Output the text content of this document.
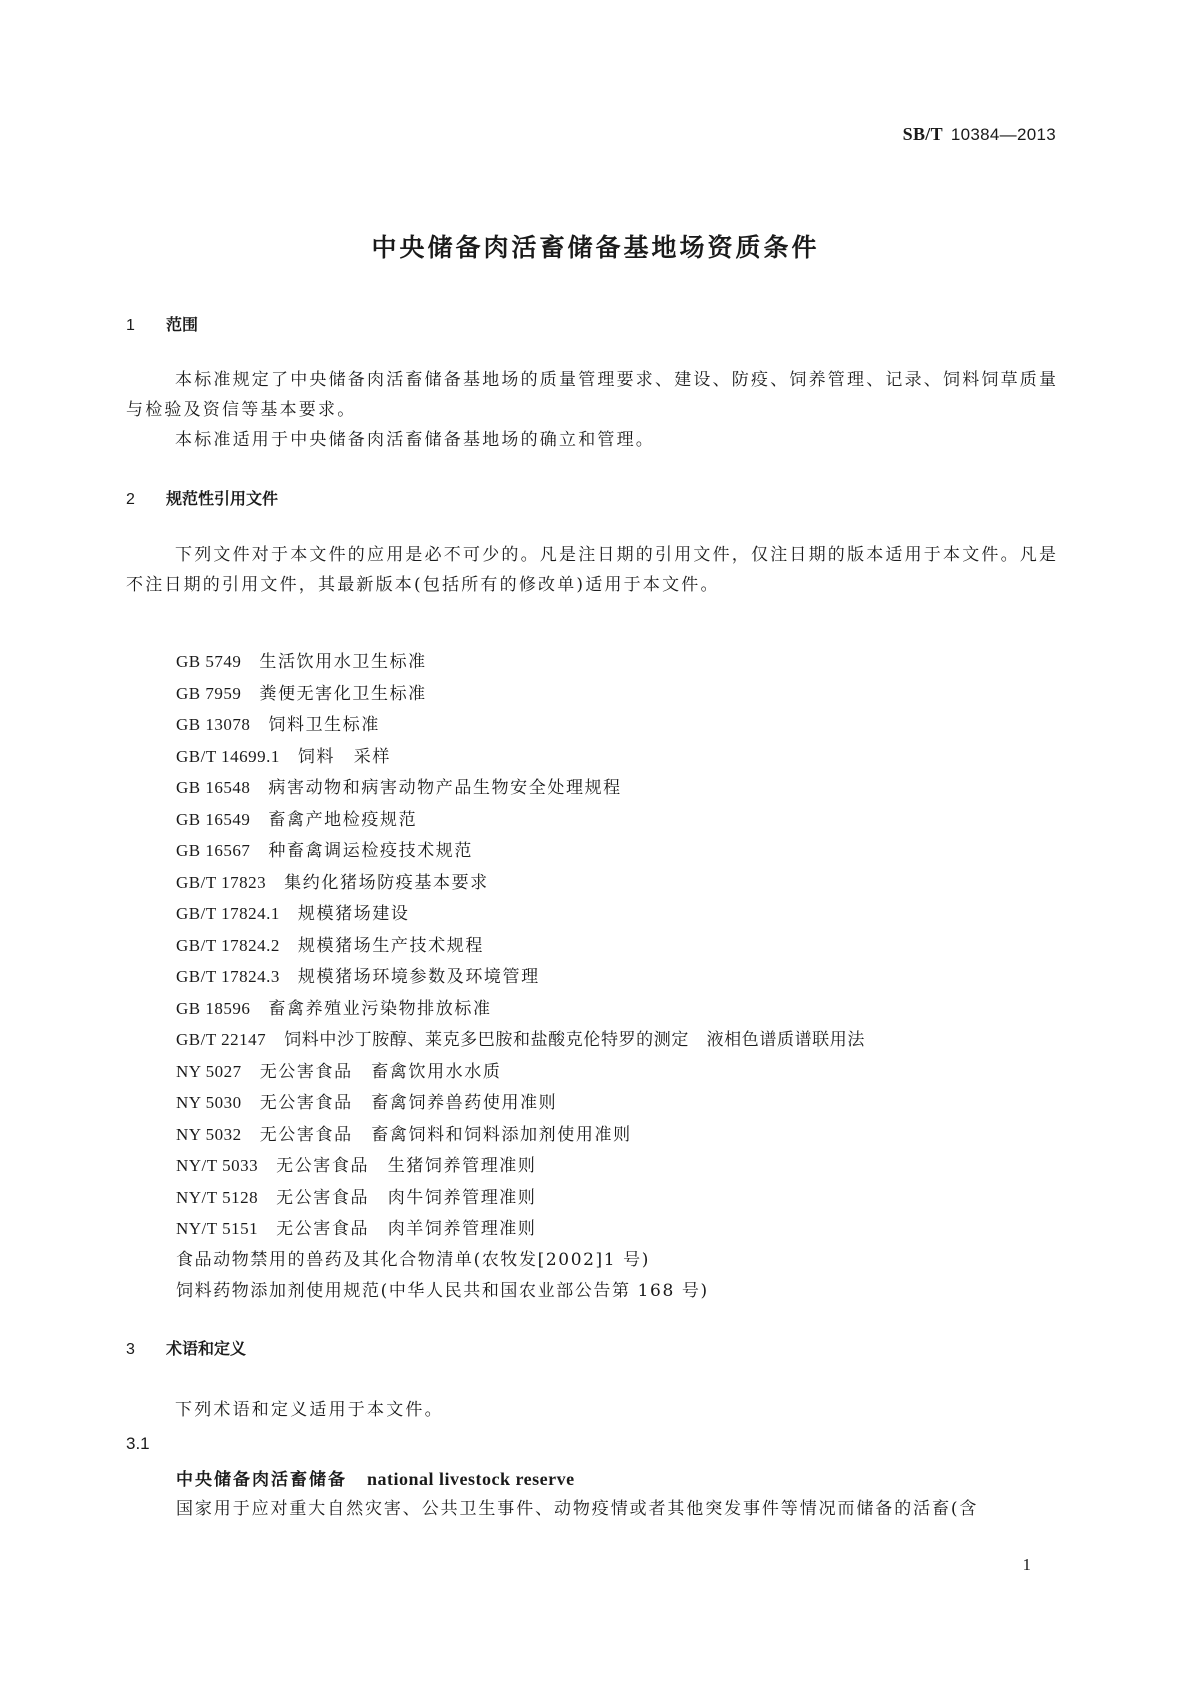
SB/T 10384—2013
中央储备肉活畜储备基地场资质条件
1 范围
本标准规定了中央储备肉活畜储备基地场的质量管理要求、建设、防疫、饲养管理、记录、饲料饲草质量与检验及资信等基本要求。
本标准适用于中央储备肉活畜储备基地场的确立和管理。
2 规范性引用文件
下列文件对于本文件的应用是必不可少的。凡是注日期的引用文件，仅注日期的版本适用于本文件。凡是不注日期的引用文件，其最新版本(包括所有的修改单)适用于本文件。
GB 5749 生活饮用水卫生标准
GB 7959 粪便无害化卫生标准
GB 13078 饲料卫生标准
GB/T 14699.1 饲料　采样
GB 16548 病害动物和病害动物产品生物安全处理规程
GB 16549 畜禽产地检疫规范
GB 16567 种畜禽调运检疫技术规范
GB/T 17823 集约化猪场防疫基本要求
GB/T 17824.1 规模猪场建设
GB/T 17824.2 规模猪场生产技术规程
GB/T 17824.3 规模猪场环境参数及环境管理
GB 18596 畜禽养殖业污染物排放标准
GB/T 22147 饲料中沙丁胺醇、莱克多巴胺和盐酸克伦特罗的测定　液相色谱质谱联用法
NY 5027 无公害食品　畜禽饮用水水质
NY 5030 无公害食品　畜禽饲养兽药使用准则
NY 5032 无公害食品　畜禽饲料和饲料添加剂使用准则
NY/T 5033 无公害食品　生猪饲养管理准则
NY/T 5128 无公害食品　肉牛饲养管理准则
NY/T 5151 无公害食品　肉羊饲养管理准则
食品动物禁用的兽药及其化合物清单(农牧发[2002]1 号)
饲料药物添加剂使用规范(中华人民共和国农业部公告第 168 号)
3 术语和定义
下列术语和定义适用于本文件。
3.1
中央储备肉活畜储备 national livestock reserve
国家用于应对重大自然灾害、公共卫生事件、动物疫情或者其他突发事件等情况而储备的活畜(含
1
